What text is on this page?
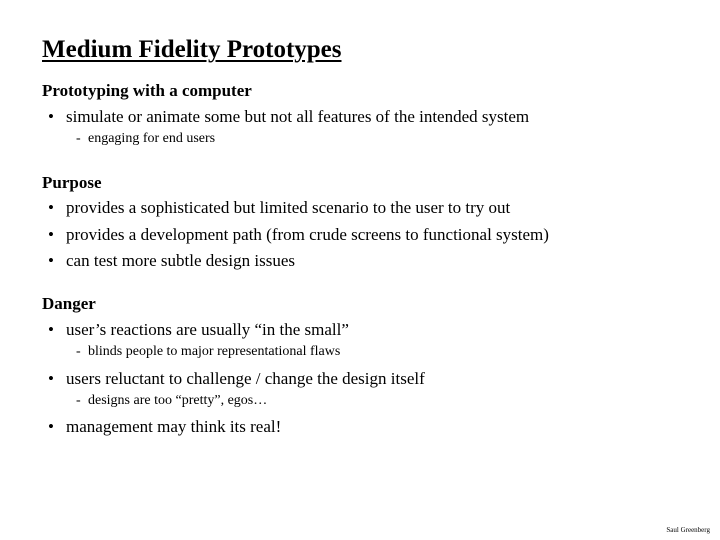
Medium Fidelity Prototypes
Prototyping with a computer
• simulate or animate some but not all features of the intended system
- engaging for end users
Purpose
• provides a sophisticated but limited scenario to the user to try out
• provides a development path (from crude screens to functional system)
• can test more subtle design issues
Danger
• user’s reactions are usually “in the small”
- blinds people to major representational flaws
• users reluctant to challenge / change the design itself
- designs are too “pretty”, egos…
• management may think its real!
Saul Greenberg
